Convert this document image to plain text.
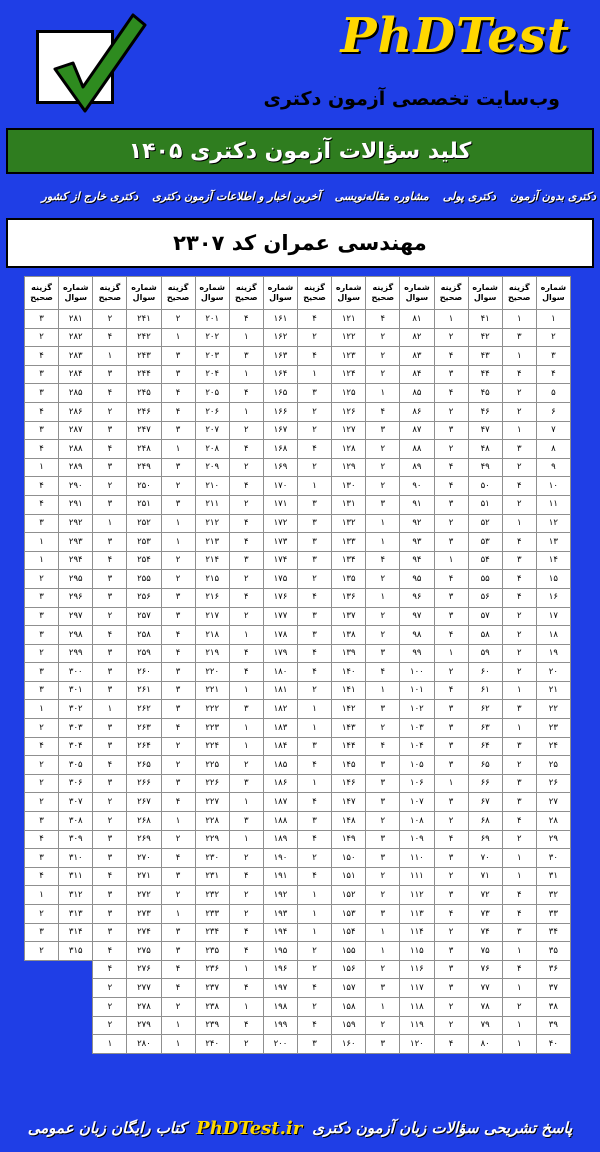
PhDTest
وب‌سایت تخصصی آزمون دکتری
کلید سؤالات آزمون دکتری ۱۴۰۵
دکتری بدون آزمون
دکتری پولی
مشاوره مقاله‌نویسی
آخرین اخبار و اطلاعات آزمون دکتری
دکتری خارج از کشور
مهندسی عمران کد ۲۳۰۷
شماره سوال	گزینه صحیح	شماره سوال	گزینه صحیح	شماره سوال	گزینه صحیح	شماره سوال	گزینه صحیح	شماره سوال	گزینه صحیح	شماره سوال	گزینه صحیح	شماره سوال	گزینه صحیح	شماره سوال	گزینه صحیح
۱	۱	۴۱	۱	۸۱	۴	۱۲۱	۴	۱۶۱	۴	۲۰۱	۲	۲۴۱	۲	۲۸۱	۳
۲	۳	۴۲	۲	۸۲	۲	۱۲۲	۲	۱۶۲	۱	۲۰۲	۱	۲۴۲	۴	۲۸۲	۲
۳	۱	۴۳	۴	۸۳	۲	۱۲۳	۴	۱۶۳	۳	۲۰۳	۳	۲۴۳	۱	۲۸۳	۴
۴	۴	۴۴	۳	۸۴	۲	۱۲۴	۱	۱۶۴	۱	۲۰۴	۳	۲۴۴	۳	۲۸۴	۳
۵	۲	۴۵	۴	۸۵	۱	۱۲۵	۳	۱۶۵	۴	۲۰۵	۴	۲۴۵	۴	۲۸۵	۳
۶	۲	۴۶	۲	۸۶	۴	۱۲۶	۲	۱۶۶	۱	۲۰۶	۴	۲۴۶	۲	۲۸۶	۴
۷	۱	۴۷	۳	۸۷	۳	۱۲۷	۲	۱۶۷	۲	۲۰۷	۳	۲۴۷	۳	۲۸۷	۳
۸	۳	۴۸	۲	۸۸	۲	۱۲۸	۴	۱۶۸	۴	۲۰۸	۱	۲۴۸	۴	۲۸۸	۴
۹	۲	۴۹	۴	۸۹	۲	۱۲۹	۲	۱۶۹	۲	۲۰۹	۳	۲۴۹	۳	۲۸۹	۱
۱۰	۴	۵۰	۴	۹۰	۲	۱۳۰	۱	۱۷۰	۴	۲۱۰	۲	۲۵۰	۲	۲۹۰	۴
۱۱	۲	۵۱	۳	۹۱	۳	۱۳۱	۳	۱۷۱	۲	۲۱۱	۳	۲۵۱	۳	۲۹۱	۴
۱۲	۱	۵۲	۲	۹۲	۱	۱۳۲	۳	۱۷۲	۴	۲۱۲	۱	۲۵۲	۱	۲۹۲	۳
۱۳	۴	۵۳	۳	۹۳	۱	۱۳۳	۳	۱۷۳	۴	۲۱۳	۱	۲۵۳	۳	۲۹۳	۱
۱۴	۳	۵۴	۱	۹۴	۴	۱۳۴	۳	۱۷۴	۳	۲۱۴	۲	۲۵۴	۴	۲۹۴	۱
۱۵	۴	۵۵	۴	۹۵	۲	۱۳۵	۲	۱۷۵	۲	۲۱۵	۲	۲۵۵	۳	۲۹۵	۲
۱۶	۴	۵۶	۳	۹۶	۱	۱۳۶	۴	۱۷۶	۴	۲۱۶	۳	۲۵۶	۳	۲۹۶	۳
۱۷	۲	۵۷	۳	۹۷	۲	۱۳۷	۳	۱۷۷	۲	۲۱۷	۳	۲۵۷	۲	۲۹۷	۳
۱۸	۲	۵۸	۴	۹۸	۲	۱۳۸	۳	۱۷۸	۱	۲۱۸	۴	۲۵۸	۴	۲۹۸	۳
۱۹	۲	۵۹	۱	۹۹	۳	۱۳۹	۴	۱۷۹	۴	۲۱۹	۴	۲۵۹	۳	۲۹۹	۲
۲۰	۲	۶۰	۲	۱۰۰	۴	۱۴۰	۴	۱۸۰	۴	۲۲۰	۳	۲۶۰	۳	۳۰۰	۳
۲۱	۱	۶۱	۴	۱۰۱	۱	۱۴۱	۲	۱۸۱	۱	۲۲۱	۳	۲۶۱	۳	۳۰۱	۳
۲۲	۳	۶۲	۳	۱۰۲	۳	۱۴۲	۱	۱۸۲	۳	۲۲۲	۳	۲۶۲	۱	۳۰۲	۱
۲۳	۱	۶۳	۳	۱۰۳	۲	۱۴۳	۱	۱۸۳	۱	۲۲۳	۴	۲۶۳	۳	۳۰۳	۲
۲۴	۳	۶۴	۳	۱۰۴	۴	۱۴۴	۳	۱۸۴	۱	۲۲۴	۲	۲۶۴	۳	۳۰۴	۴
۲۵	۲	۶۵	۳	۱۰۵	۳	۱۴۵	۴	۱۸۵	۲	۲۲۵	۲	۲۶۵	۴	۳۰۵	۲
۲۶	۳	۶۶	۱	۱۰۶	۳	۱۴۶	۱	۱۸۶	۳	۲۲۶	۳	۲۶۶	۳	۳۰۶	۲
۲۷	۳	۶۷	۳	۱۰۷	۳	۱۴۷	۴	۱۸۷	۱	۲۲۷	۴	۲۶۷	۲	۳۰۷	۲
۲۸	۴	۶۸	۲	۱۰۸	۲	۱۴۸	۳	۱۸۸	۳	۲۲۸	۱	۲۶۸	۲	۳۰۸	۳
۲۹	۲	۶۹	۴	۱۰۹	۳	۱۴۹	۴	۱۸۹	۱	۲۲۹	۲	۲۶۹	۳	۳۰۹	۴
۳۰	۱	۷۰	۳	۱۱۰	۳	۱۵۰	۲	۱۹۰	۲	۲۳۰	۴	۲۷۰	۳	۳۱۰	۳
۳۱	۱	۷۱	۲	۱۱۱	۲	۱۵۱	۴	۱۹۱	۴	۲۳۱	۳	۲۷۱	۴	۳۱۱	۴
۳۲	۴	۷۲	۳	۱۱۲	۲	۱۵۲	۱	۱۹۲	۲	۲۳۲	۲	۲۷۲	۳	۳۱۲	۱
۳۳	۴	۷۳	۴	۱۱۳	۳	۱۵۳	۱	۱۹۳	۲	۲۳۳	۱	۲۷۳	۳	۳۱۳	۲
۳۴	۳	۷۴	۲	۱۱۴	۱	۱۵۴	۱	۱۹۴	۴	۲۳۴	۳	۲۷۴	۳	۳۱۴	۳
۳۵	۱	۷۵	۳	۱۱۵	۱	۱۵۵	۲	۱۹۵	۴	۲۳۵	۳	۲۷۵	۴	۳۱۵	۲
۳۶	۴	۷۶	۳	۱۱۶	۲	۱۵۶	۲	۱۹۶	۱	۲۳۶	۴	۲۷۶	۴		
۳۷	۱	۷۷	۳	۱۱۷	۳	۱۵۷	۴	۱۹۷	۴	۲۳۷	۴	۲۷۷	۲		
۳۸	۲	۷۸	۲	۱۱۸	۱	۱۵۸	۲	۱۹۸	۱	۲۳۸	۲	۲۷۸	۲		
۳۹	۱	۷۹	۲	۱۱۹	۲	۱۵۹	۴	۱۹۹	۴	۲۳۹	۱	۲۷۹	۲		
۴۰	۱	۸۰	۴	۱۲۰	۳	۱۶۰	۳	۲۰۰	۲	۲۴۰	۱	۲۸۰	۱		
پاسخ تشریحی سؤالات زبان آزمون دکتری
PhDTest.ir
کتاب رایگان زبان عمومی
